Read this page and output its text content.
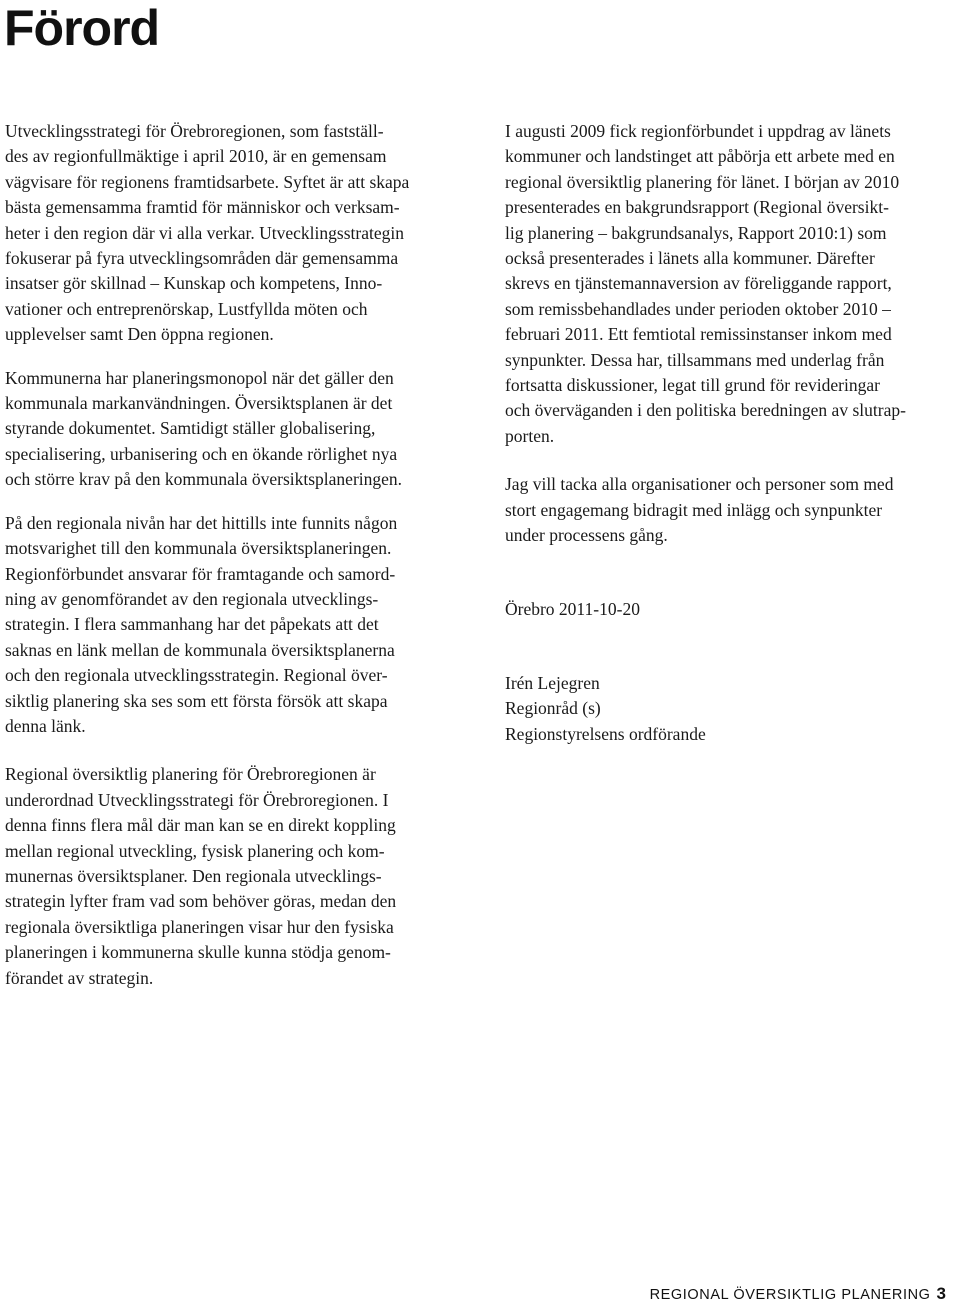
Förord

Utvecklingsstrategi för Örebroregionen, som fastställ-
des av regionfullmäktige i april 2010, är en gemensam
vägvisare för regionens framtidsarbete. Syftet är att skapa
bästa gemensamma framtid för människor och verksam-
heter i den region där vi alla verkar. Utvecklingsstrategin
fokuserar på fyra utvecklingsområden där gemensamma
insatser gör skillnad – Kunskap och kompetens, Inno-
vationer och entreprenörskap, Lustfyllda möten och
upplevelser samt Den öppna regionen.

Kommunerna har planeringsmonopol när det gäller den
kommunala markanvändningen. Översiktsplanen är det
styrande dokumentet. Samtidigt ställer globalisering,
specialisering, urbanisering och en ökande rörlighet nya
och större krav på den kommunala översiktsplaneringen.

På den regionala nivån har det hittills inte funnits någon
motsvarighet till den kommunala översiktsplaneringen.
Regionförbundet ansvarar för framtagande och samord-
ning av genomförandet av den regionala utvecklings-
strategin. I flera sammanhang har det påpekats att det
saknas en länk mellan de kommunala översiktsplanerna
och den regionala utvecklingsstrategin. Regional över-
siktlig planering ska ses som ett första försök att skapa
denna länk.

Regional översiktlig planering för Örebroregionen är
underordnad Utvecklingsstrategi för Örebroregionen. I
denna finns flera mål där man kan se en direkt koppling
mellan regional utveckling, fysisk planering och kom-
munernas översiktsplaner. Den regionala utvecklings-
strategin lyfter fram vad som behöver göras, medan den
regionala översiktliga planeringen visar hur den fysiska
planeringen i kommunerna skulle kunna stödja genom-
förandet av strategin.

I augusti 2009 fick regionförbundet i uppdrag av länets
kommuner och landstinget att påbörja ett arbete med en
regional översiktlig planering för länet. I början av 2010
presenterades en bakgrundsrapport (Regional översikt-
lig planering – bakgrundsanalys, Rapport 2010:1) som
också presenterades i länets alla kommuner. Därefter
skrevs en tjänstemannaversion av föreliggande rapport,
som remissbehandlades under perioden oktober 2010 –
februari 2011. Ett femtiotal remissinstanser inkom med
synpunkter. Dessa har, tillsammans med underlag från
fortsatta diskussioner, legat till grund för revideringar
och överväganden i den politiska beredningen av slutrap-
porten.

Jag vill tacka alla organisationer och personer som med
stort engagemang bidragit med inlägg och synpunkter
under processens gång.

Örebro 2011-10-20

Irén Lejegren

Regionråd (s)

Regionstyrelsens ordförande

REGIONAL ÖVERSIKTLIG PLANERING 3
